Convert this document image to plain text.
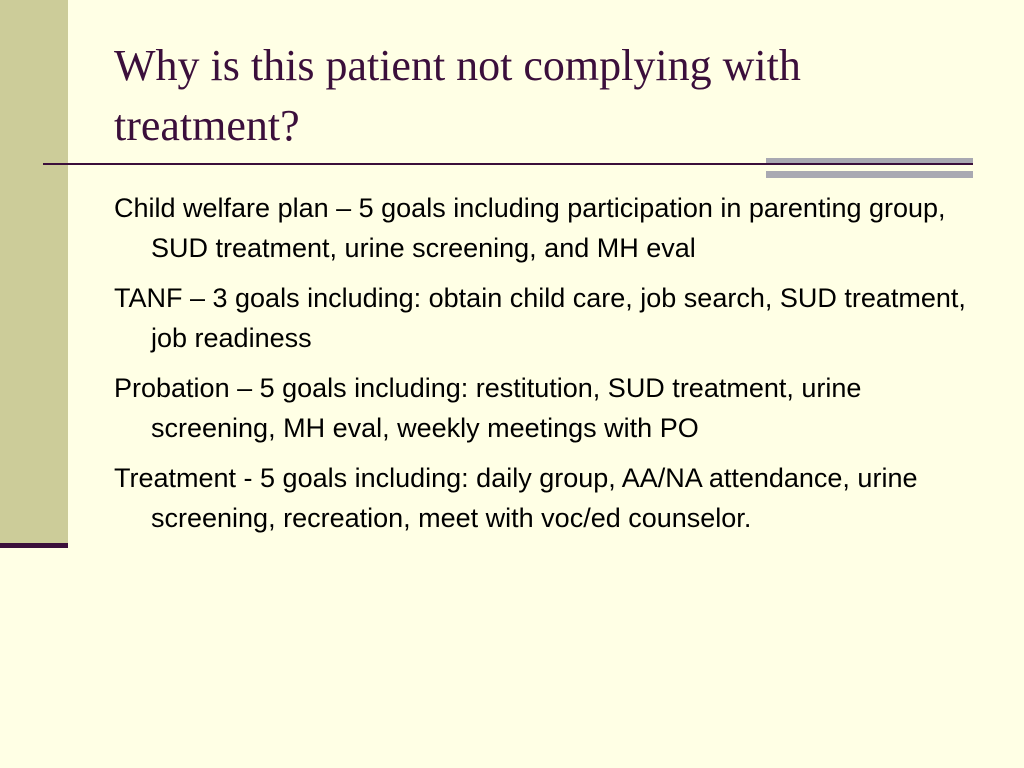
Why is this patient not complying with treatment?
Child welfare plan – 5 goals including participation in parenting group, SUD treatment, urine screening, and MH eval
TANF – 3 goals including: obtain child care, job search, SUD treatment, job readiness
Probation – 5 goals including: restitution, SUD treatment, urine screening, MH eval, weekly meetings with PO
Treatment - 5 goals including: daily group, AA/NA attendance, urine screening, recreation, meet with voc/ed counselor.
